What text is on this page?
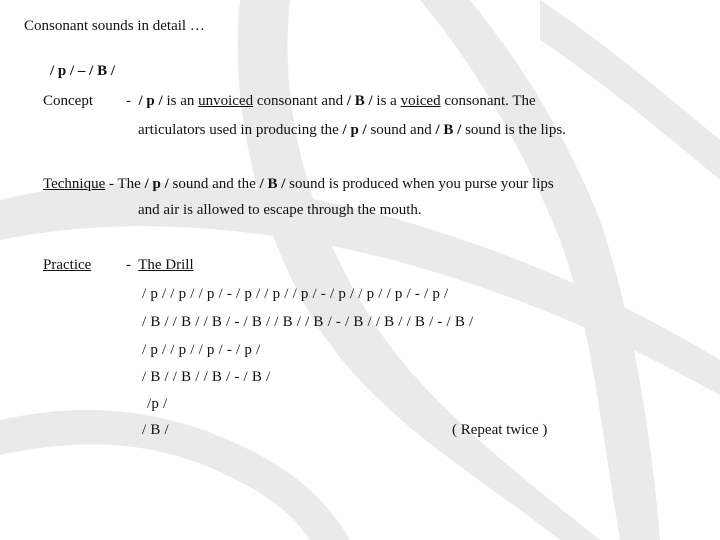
Consonant sounds in detail …
/ p / – / B /
Concept - / p / is an unvoiced consonant and / B / is a voiced consonant. The
articulators used in producing the / p / sound and / B / sound is the lips.
Technique - The / p / sound and the / B / sound is produced when you purse your lips
and air is allowed to escape through the mouth.
Practice - The Drill
/ p / / p / / p / - / p / / p / / p / - / p / / p / / p / - / p /
/ B / / B / / B / - / B / / B / / B / - / B / / B / / B / - / B /
/ p / / p / / p / - / p /
/ B / / B / / B / - / B /
/p /
/ B /	( Repeat twice )
